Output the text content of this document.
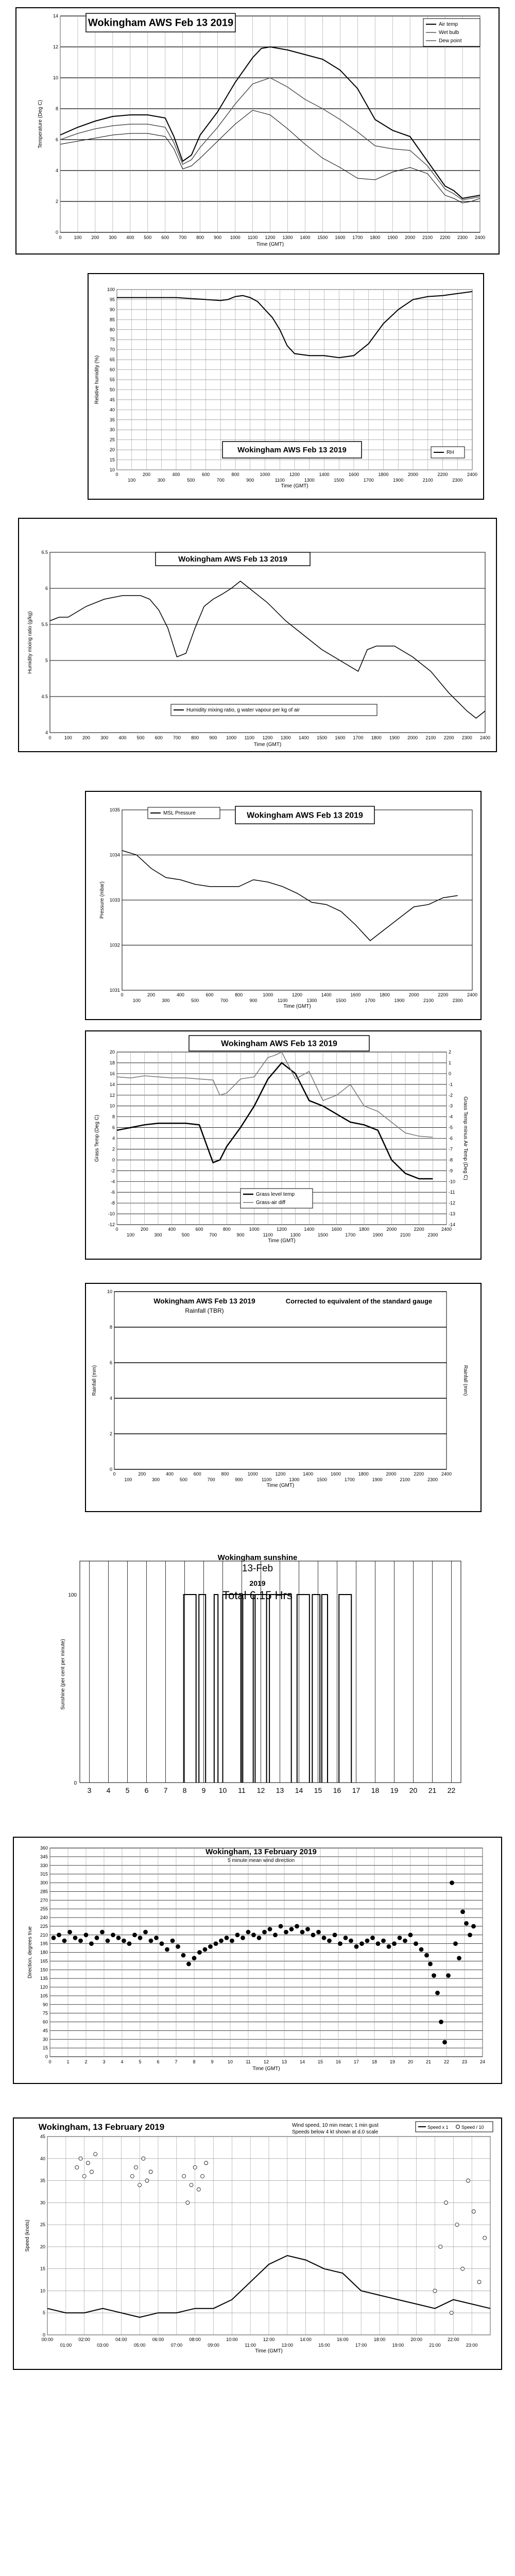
0
2
4
6
8
10
12
14
0	100 200 300 400 500 600 700 800 900 1000 1100 1200 1300 1400 1500 1600 1700 1800 1900 2000 2100 2200 2300 2400
Time (GMT)
Temperature (Deg C)
Wokingham AWS Feb 13 2019	Air temp
Wet bulb
Dew point
10
15
20
25
30
35
40
45
50
55
60
65
70
75
80
85
90
95
100
0	200	400	600	800	1000	1200	1400	1600	1800	2000	2200	2400
100	300	500	700	900	1100	1300	1500	1700	1900	2100	2300
Time (GMT)
Relative humidity (%)
Wokingham AWS Feb 13 2019	RH
4
4.5
5
5.5
6
6.5
0	100 200 300 400 500 600 700 800 900 1000 1100 1200 1300 1400 1500 1600 1700 1800 1900 2000 2100 2200 2300 2400
Time (GMT)
Humidity mixing ratio (g/kg)
Wokingham AWS Feb 13 2019
Humidity mixing ratio, g water vapour per kg of air
1031
1032
1033
1034
1035
0	200	400	600	800	1000	1200	1400	1600	1800	2000	2200	2400
100	300	500	700	900	1100	1300	1500	1700	1900	2100	2300
Time (GMT)
Pressure (mbar)
Wokingham AWS Feb 13 2019
MSL Pressure
-12
-10
-8
-6
-4
-2
0
2
4
6
8
10
12
14
16
18
20
-14
-13
-12
-11
-10
-9
-8
-7
-6
-5
-4
-3
-2
-1
0
1
2
0	200	400	600	800	1000	1200	1400	1600	1800	2000	2200	2400
100	300	500	700	900	1100	1300	1500	1700	1900	2100	2300
Time (GMT)
Grass Temp (Deg C)	Grass Temp minus Air Temp (Deg C)
Wokingham AWS Feb 13 2019
Grass level temp
Grass-air diff
0
2
4
6
8
10
0	200	400	600	800	1000	1200	1400	1600	1800	2000	2200	2400
100	300	500	700	900	1100	1300	1500	1700	1900	2100	2300
Time (GMT)
Rainfall (mm)	Rainfall (mm)
Wokingham AWS Feb 13 2019
Rainfall (TBR)
Corrected to equivalent of the standard gauge
3 4 5 6 7 8 9 10 11 12 13 14 15 16 17 18 19 20 21 22
100
0
Sunshine (per cent per minute)
Wokingham sunshine
13-Feb
2019
Total 6.15 Hrs
0
15
30
45
60
75
90
105
120
135
150
165
180
195
210
225
240
255
270
285
300
315
330
345
360
0	1	2	3	4	5	6	7	8	9	10	11	12	13	14	15	16	17	18	19	20	21	22	23	24
Time (GMT)
Direction, degrees true
Wokingham, 13 February 2019
5 minute mean wind direction
0
5
10
15
20
25
30
35
40
45
00:00	02:00	04:00	06:00	08:00	10:00	12:00	14:00	16:00	18:00	20:00	22:00
01:00	03:00	05:00	07:00	09:00	11:00	13:00	15:00	17:00	19:00	21:00	23:00
Time (GMT)
Speed (knots)
Wokingham, 13 February 2019	Wind speed, 10 min mean; 1 min gust
Speeds below 4 kt shown at d.0 scale
Speed x 1	Speed / 10
